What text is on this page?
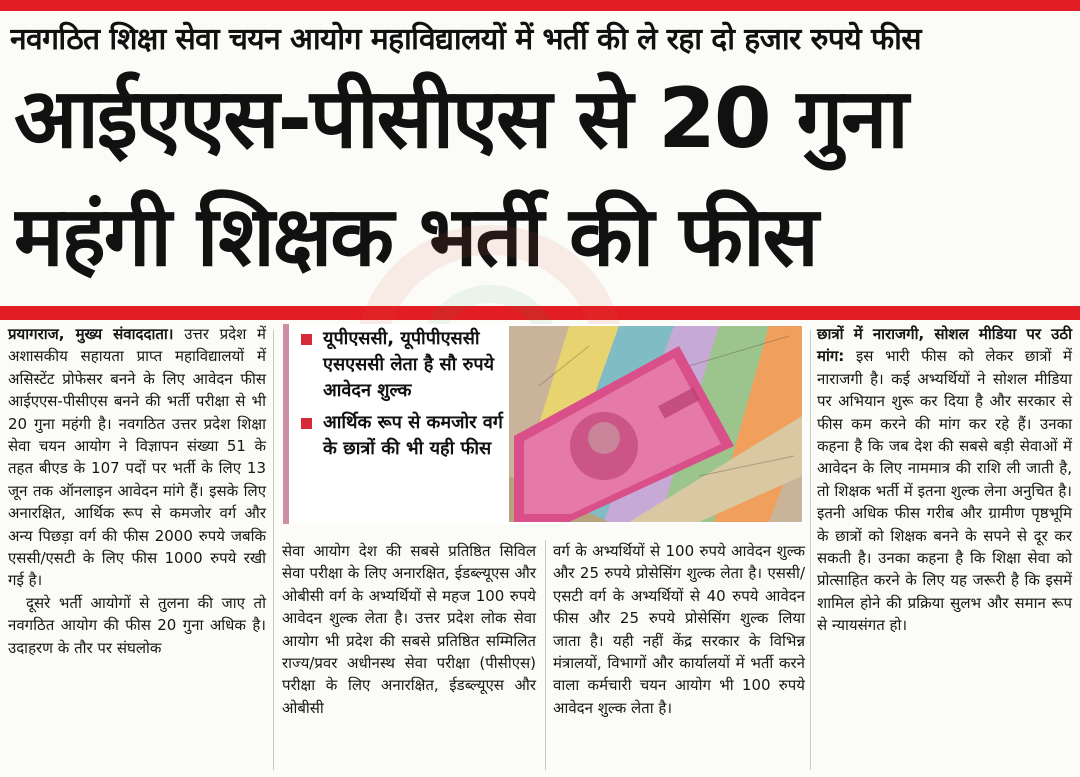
नवगठित शिक्षा सेवा चयन आयोग महाविद्यालयों में भर्ती की ले रहा दो हजार रुपये फीस
आईएएस-पीसीएस से 20 गुना
महंगी शिक्षक भर्ती की फीस

प्रयागराज, मुख्य संवाददाता। उत्तर प्रदेश में अशासकीय सहायता प्राप्त महाविद्यालयों में असिस्टेंट प्रोफेसर बनने के लिए आवेदन फीस आईएएस-पीसीएस बनने की भर्ती परीक्षा से भी 20 गुना महंगी है। नवगठित उत्तर प्रदेश शिक्षा सेवा चयन आयोग ने विज्ञापन संख्या 51 के तहत बीएड के 107 पदों पर भर्ती के लिए 13 जून तक ऑनलाइन आवेदन मांगे हैं। इसके लिए अनारक्षित, आर्थिक रूप से कमजोर वर्ग और अन्य पिछड़ा वर्ग की फीस 2000 रुपये जबकि एससी/एसटी के लिए फीस 1000 रुपये रखी गई है।

दूसरे भर्ती आयोगों से तुलना की जाए तो नवगठित आयोग की फीस 20 गुना अधिक है। उदाहरण के तौर पर संघलोक

यूपीएससी, यूपीपीएससी एसएससी लेता है सौ रुपये आवेदन शुल्क
आर्थिक रूप से कमजोर वर्ग के छात्रों की भी यही फीस
सेवा आयोग देश की सबसे प्रतिष्ठित सिविल सेवा परीक्षा के लिए अनारक्षित, ईडब्ल्यूएस और ओबीसी वर्ग के अभ्यर्थियों से महज 100 रुपये आवेदन शुल्क लेता है। उत्तर प्रदेश लोक सेवा आयोग भी प्रदेश की सबसे प्रतिष्ठित सम्मिलित राज्य/प्रवर अधीनस्थ सेवा परीक्षा (पीसीएस) परीक्षा के लिए अनारक्षित, ईडब्ल्यूएस और ओबीसी
वर्ग के अभ्यर्थियों से 100 रुपये आवेदन शुल्क और 25 रुपये प्रोसेसिंग शुल्क लेता है। एससी/एसटी वर्ग के अभ्यर्थियों से 40 रुपये आवेदन फीस और 25 रुपये प्रोसेसिंग शुल्क लिया जाता है। यही नहीं केंद्र सरकार के विभिन्न मंत्रालयों, विभागों और कार्यालयों में भर्ती करने वाला कर्मचारी चयन आयोग भी 100 रुपये आवेदन शुल्क लेता है।

छात्रों में नाराजगी, सोशल मीडिया पर उठी मांग: इस भारी फीस को लेकर छात्रों में नाराजगी है। कई अभ्यर्थियों ने सोशल मीडिया पर अभियान शुरू कर दिया है और सरकार से फीस कम करने की मांग कर रहे हैं। उनका कहना है कि जब देश की सबसे बड़ी सेवाओं में आवेदन के लिए नाममात्र की राशि ली जाती है, तो शिक्षक भर्ती में इतना शुल्क लेना अनुचित है। इतनी अधिक फीस गरीब और ग्रामीण पृष्ठभूमि के छात्रों को शिक्षक बनने के सपने से दूर कर सकती है। उनका कहना है कि शिक्षा सेवा को प्रोत्साहित करने के लिए यह जरूरी है कि इसमें शामिल होने की प्रक्रिया सुलभ और समान रूप से न्यायसंगत हो।
